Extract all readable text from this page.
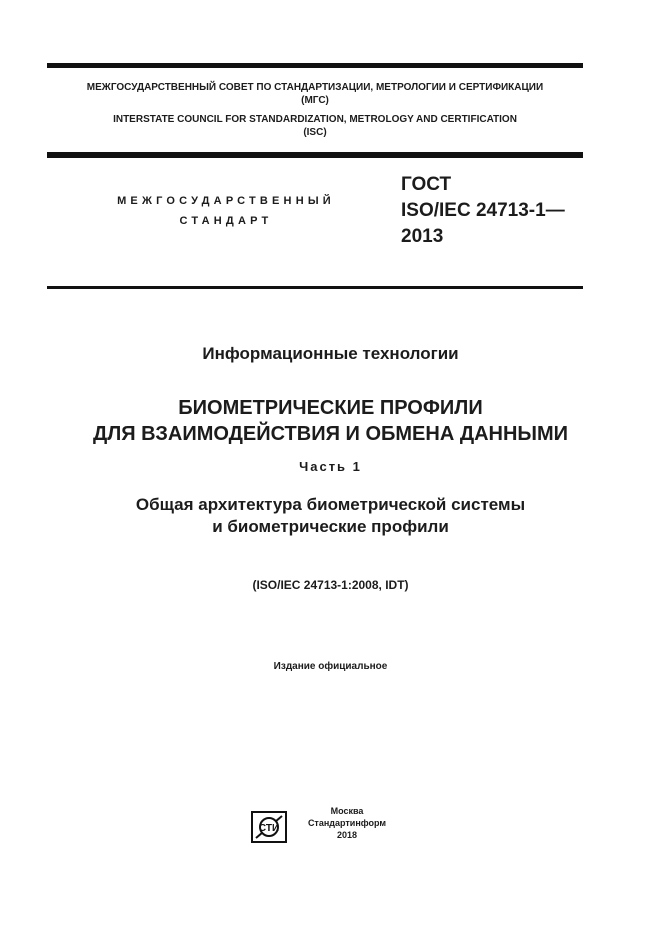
МЕЖГОСУДАРСТВЕННЫЙ СОВЕТ ПО СТАНДАРТИЗАЦИИ, МЕТРОЛОГИИ И СЕРТИФИКАЦИИ
(МГС)
INTERSTATE COUNCIL FOR STANDARDIZATION, METROLOGY AND CERTIFICATION
(ISC)
МЕЖГОСУДАРСТВЕННЫЙ
СТАНДАРТ
ГОСТ
ISO/IEC 24713-1—
2013
Информационные технологии
БИОМЕТРИЧЕСКИЕ ПРОФИЛИ
ДЛЯ ВЗАИМОДЕЙСТВИЯ И ОБМЕНА ДАННЫМИ
Часть 1
Общая архитектура биометрической системы
и биометрические профили
(ISO/IEC 24713-1:2008, IDT)
Издание официальное
СТИ
Москва
Стандартинформ
2018
